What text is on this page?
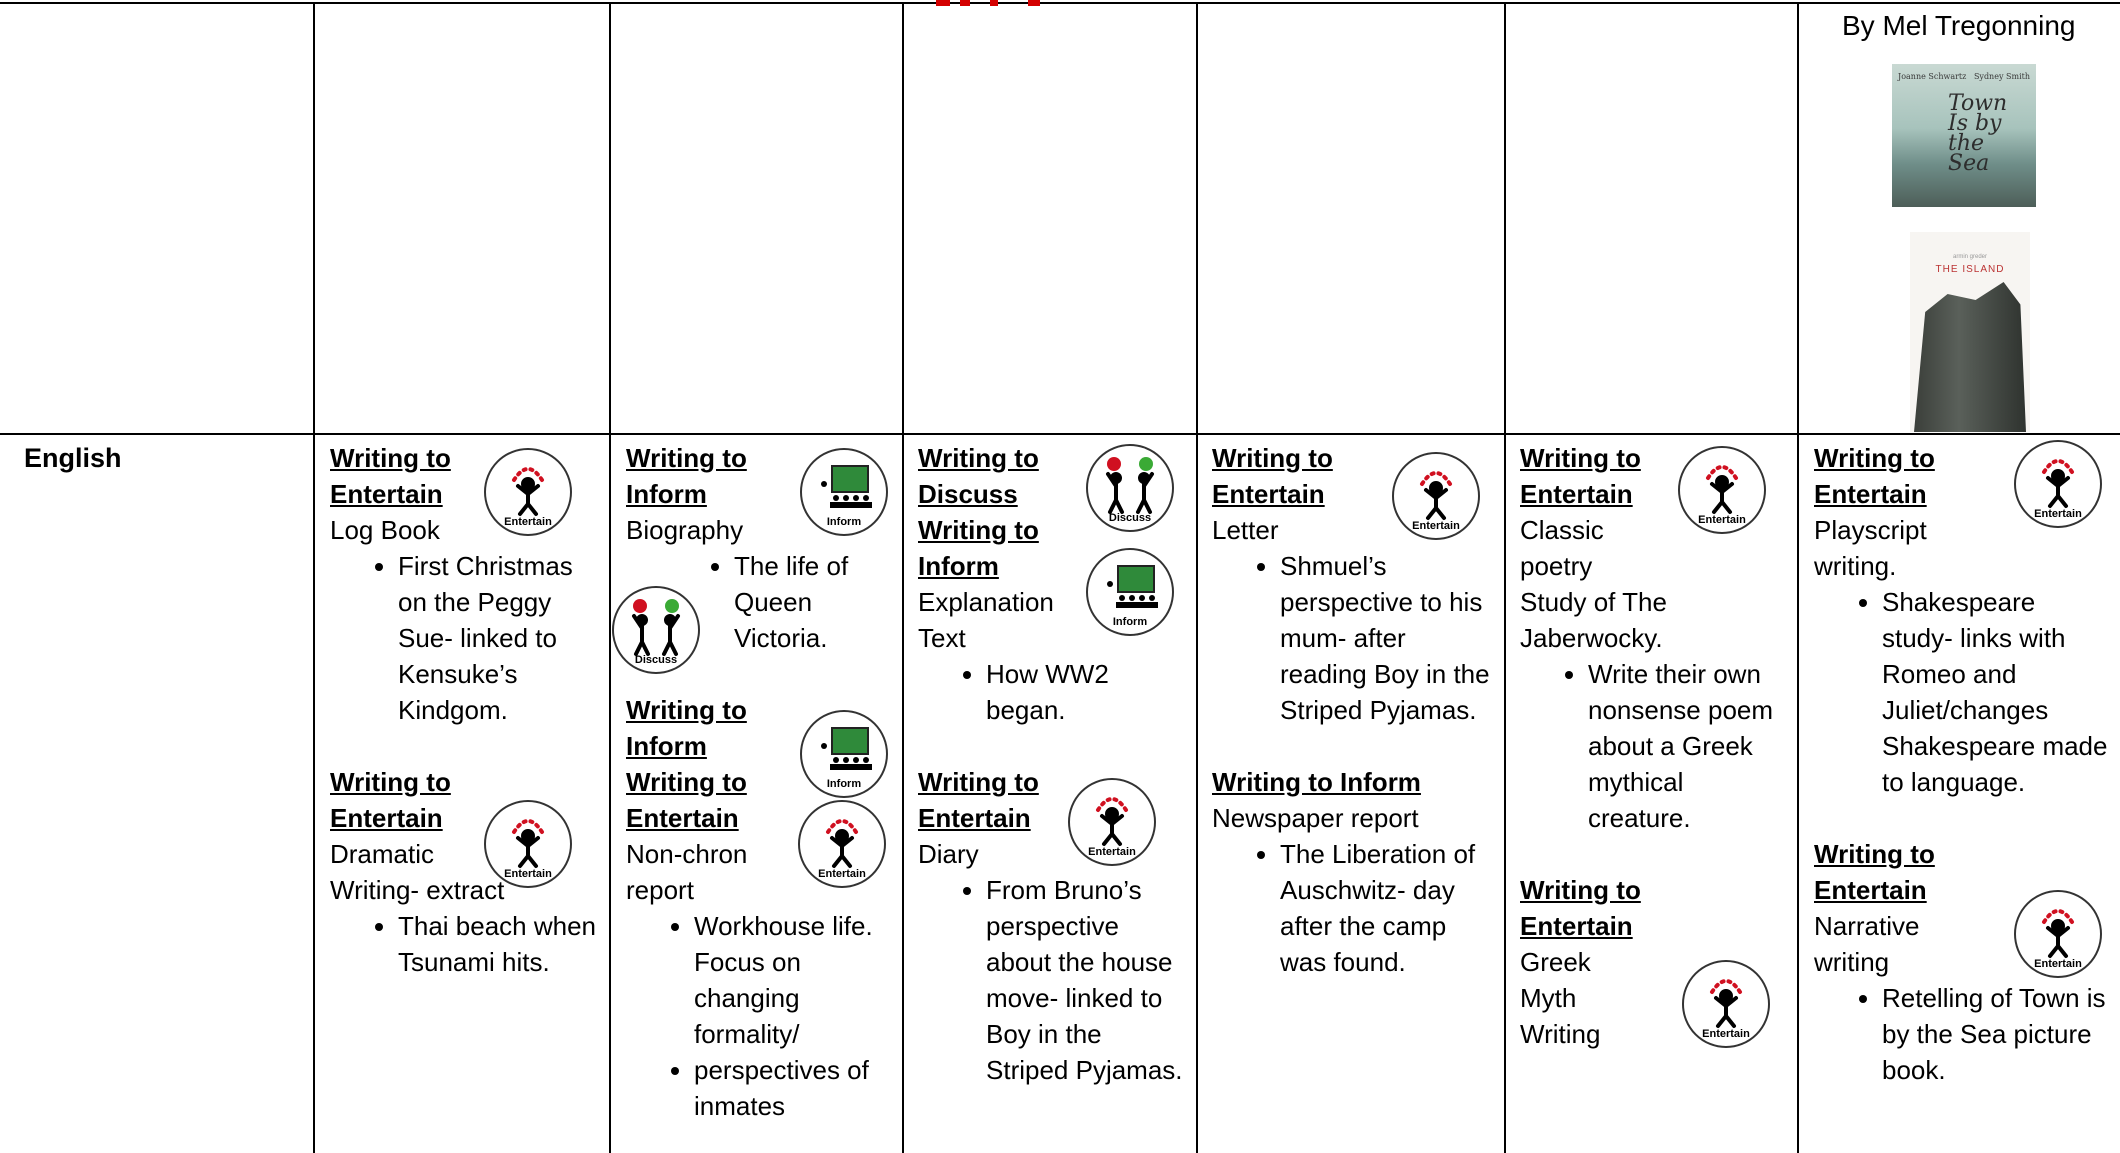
By Mel Tregonning
Joanne Schwartz Sydney Smith
Town Is by the Sea
armin greder
THE ISLAND
English	Writing to
Entertain
Log Book
• First Christmas on the Peggy Sue- linked to Kensuke’s Kindgom.
Writing to
Entertain
Dramatic
Writing- extract
• Thai beach when Tsunami hits.
Writing to
Inform
Biography
• The life of Queen Victoria.
Writing to
Inform
Writing to
Entertain
Non-chron
report
• Workhouse life. Focus on changing formality/
• perspectives of inmates
Writing to
Discuss
Writing to
Inform
Explanation
Text
• How WW2 began.
Writing to
Entertain
Diary
• From Bruno’s perspective about the house move- linked to Boy in the Striped Pyjamas.
Writing to
Entertain
Letter
• Shmuel’s perspective to his mum- after reading Boy in the Striped Pyjamas.
Writing to Inform
Newspaper report
• The Liberation of Auschwitz- day after the camp was found.
Writing to
Entertain
Classic
poetry
Study of The
Jaberwocky.
• Write their own nonsense poem about a Greek mythical creature.
Writing to
Entertain
Greek
Myth
Writing
Writing to
Entertain
Playscript
writing.
• Shakespeare study- links with Romeo and Juliet/changes Shakespeare made to language.
Writing to
Entertain
Narrative
writing
• Retelling of Town is by the Sea picture book.
Entertain
Entertain
Inform
Discuss
Inform
Entertain
Discuss
Inform
Entertain
Entertain	Entertain
Entertain
Entertain
Entertain
